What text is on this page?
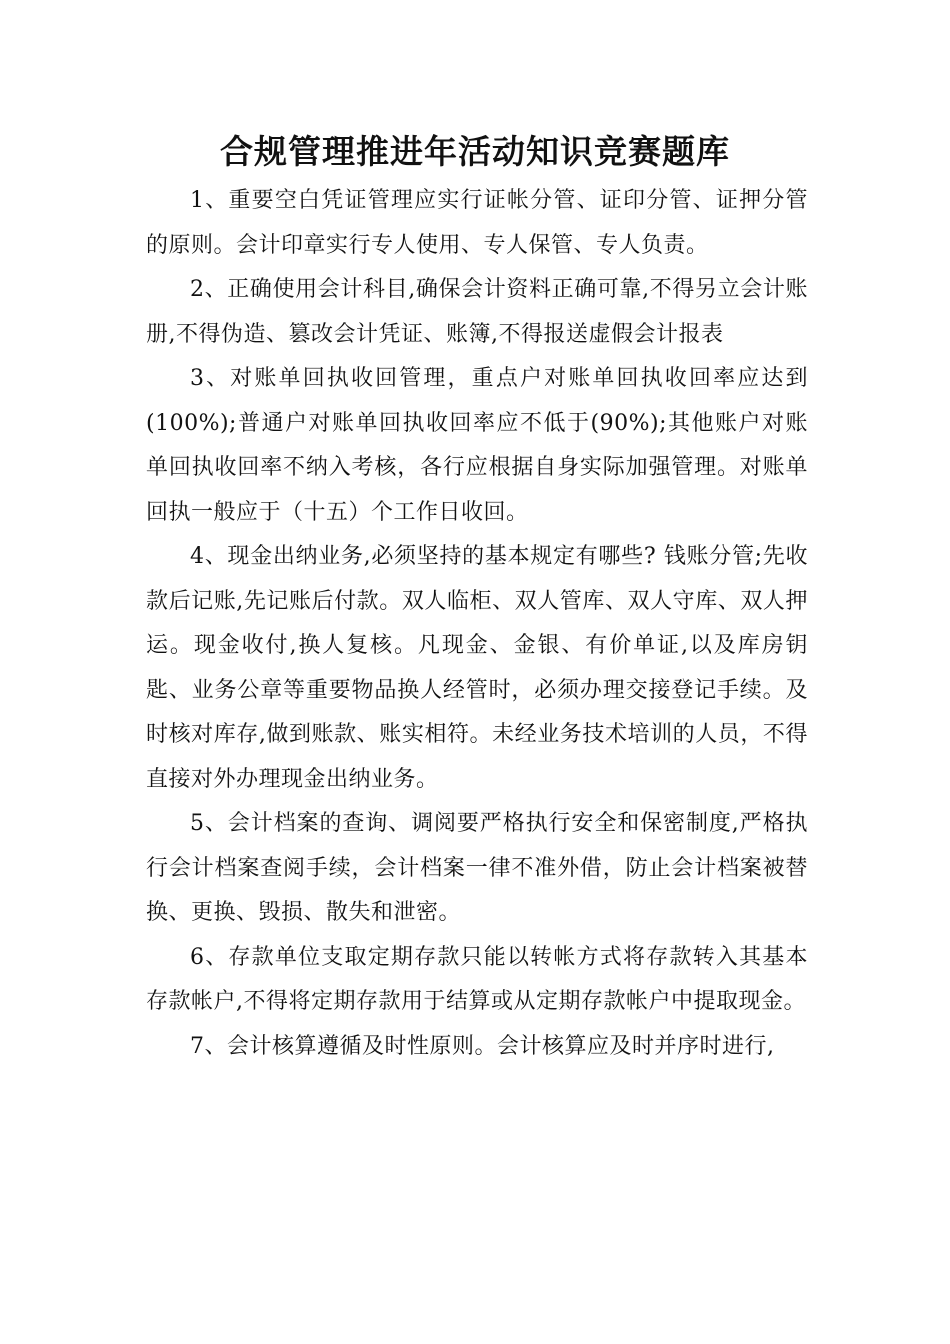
合规管理推进年活动知识竞赛题库

1、重要空白凭证管理应实行证帐分管、证印分管、证押分管的原则。会计印章实行专人使用、专人保管、专人负责。

2、正确使用会计科目,确保会计资料正确可靠,不得另立会计账册,不得伪造、篡改会计凭证、账簿,不得报送虚假会计报表

3、对账单回执收回管理，重点户对账单回执收回率应达到(100%);普通户对账单回执收回率应不低于(90%);其他账户对账单回执收回率不纳入考核，各行应根据自身实际加强管理。对账单回执一般应于（十五）个工作日收回。

4、现金出纳业务,必须坚持的基本规定有哪些? 钱账分管;先收款后记账,先记账后付款。双人临柜、双人管库、双人守库、双人押运。现金收付,换人复核。凡现金、金银、有价单证,以及库房钥匙、业务公章等重要物品换人经管时，必须办理交接登记手续。及时核对库存,做到账款、账实相符。未经业务技术培训的人员，不得直接对外办理现金出纳业务。

5、会计档案的查询、调阅要严格执行安全和保密制度,严格执行会计档案查阅手续，会计档案一律不准外借，防止会计档案被替换、更换、毁损、散失和泄密。

6、存款单位支取定期存款只能以转帐方式将存款转入其基本存款帐户,不得将定期存款用于结算或从定期存款帐户中提取现金。

7、会计核算遵循及时性原则。会计核算应及时并序时进行,
